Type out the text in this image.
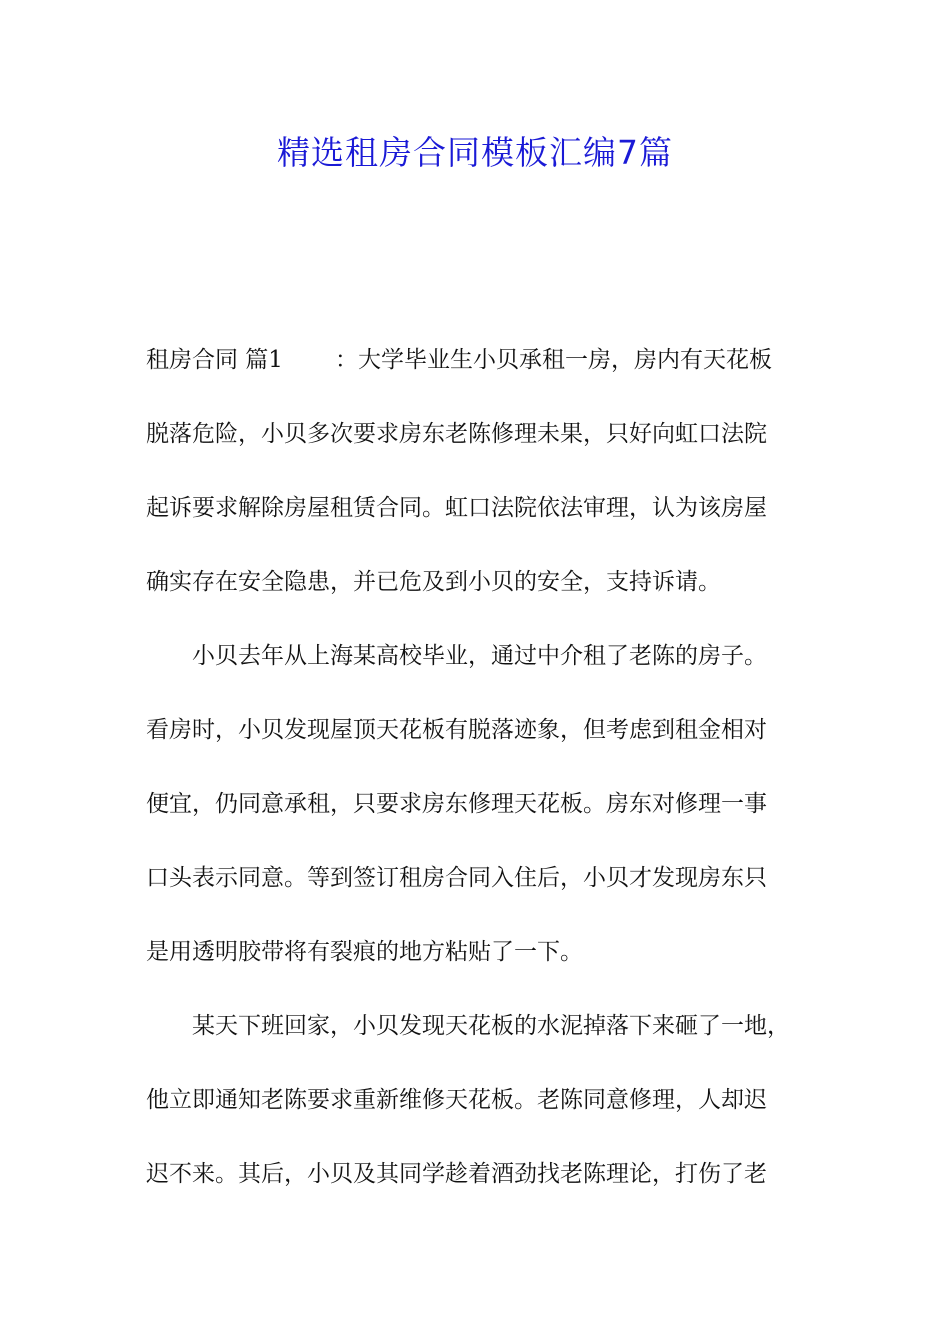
精选租房合同模板汇编7篇
租房合同 篇1 ：大学毕业生小贝承租一房，房内有天花板
脱落危险，小贝多次要求房东老陈修理未果，只好向虹口法院
起诉要求解除房屋租赁合同。虹口法院依法审理，认为该房屋
确实存在安全隐患，并已危及到小贝的安全，支持诉请。
小贝去年从上海某高校毕业，通过中介租了老陈的房子。
看房时，小贝发现屋顶天花板有脱落迹象，但考虑到租金相对
便宜，仍同意承租，只要求房东修理天花板。房东对修理一事
口头表示同意。等到签订租房合同入住后，小贝才发现房东只
是用透明胶带将有裂痕的地方粘贴了一下。
某天下班回家，小贝发现天花板的水泥掉落下来砸了一地，
他立即通知老陈要求重新维修天花板。老陈同意修理，人却迟
迟不来。其后，小贝及其同学趁着酒劲找老陈理论，打伤了老
